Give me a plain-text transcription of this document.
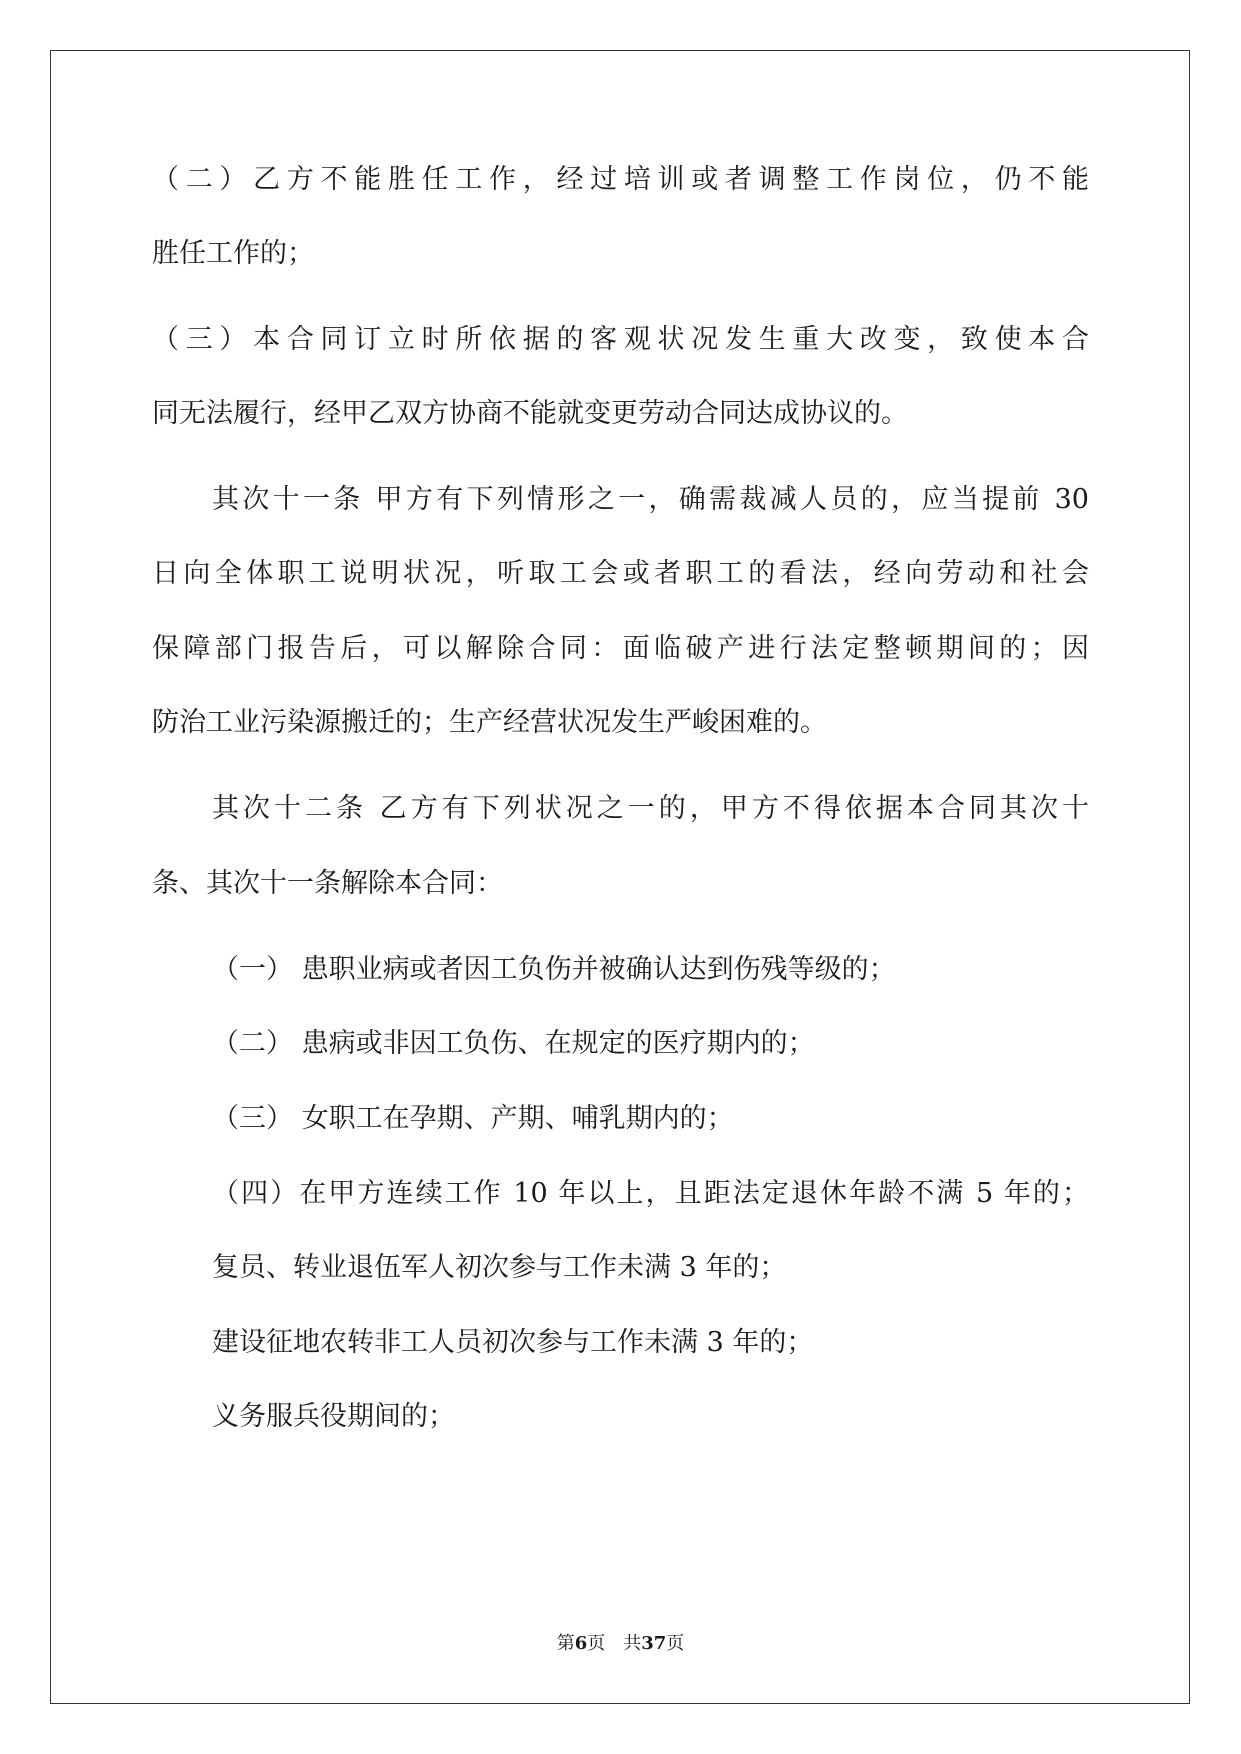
（二）乙方不能胜任工作，经过培训或者调整工作岗位，仍不能
胜任工作的；
（三）本合同订立时所依据的客观状况发生重大改变，致使本合
同无法履行，经甲乙双方协商不能就变更劳动合同达成协议的。
其次十一条 甲方有下列情形之一，确需裁减人员的，应当提前 30
日向全体职工说明状况，听取工会或者职工的看法，经向劳动和社会
保障部门报告后，可以解除合同：面临破产进行法定整顿期间的；因
防治工业污染源搬迁的；生产经营状况发生严峻困难的。
其次十二条 乙方有下列状况之一的，甲方不得依据本合同其次十
条、其次十一条解除本合同：
（一） 患职业病或者因工负伤并被确认达到伤残等级的；
（二） 患病或非因工负伤、在规定的医疗期内的；
（三） 女职工在孕期、产期、哺乳期内的；
（四）在甲方连续工作 10 年以上，且距法定退休年龄不满 5 年的；
复员、转业退伍军人初次参与工作未满 3 年的；
建设征地农转非工人员初次参与工作未满 3 年的；
义务服兵役期间的；
第6页 共37页
